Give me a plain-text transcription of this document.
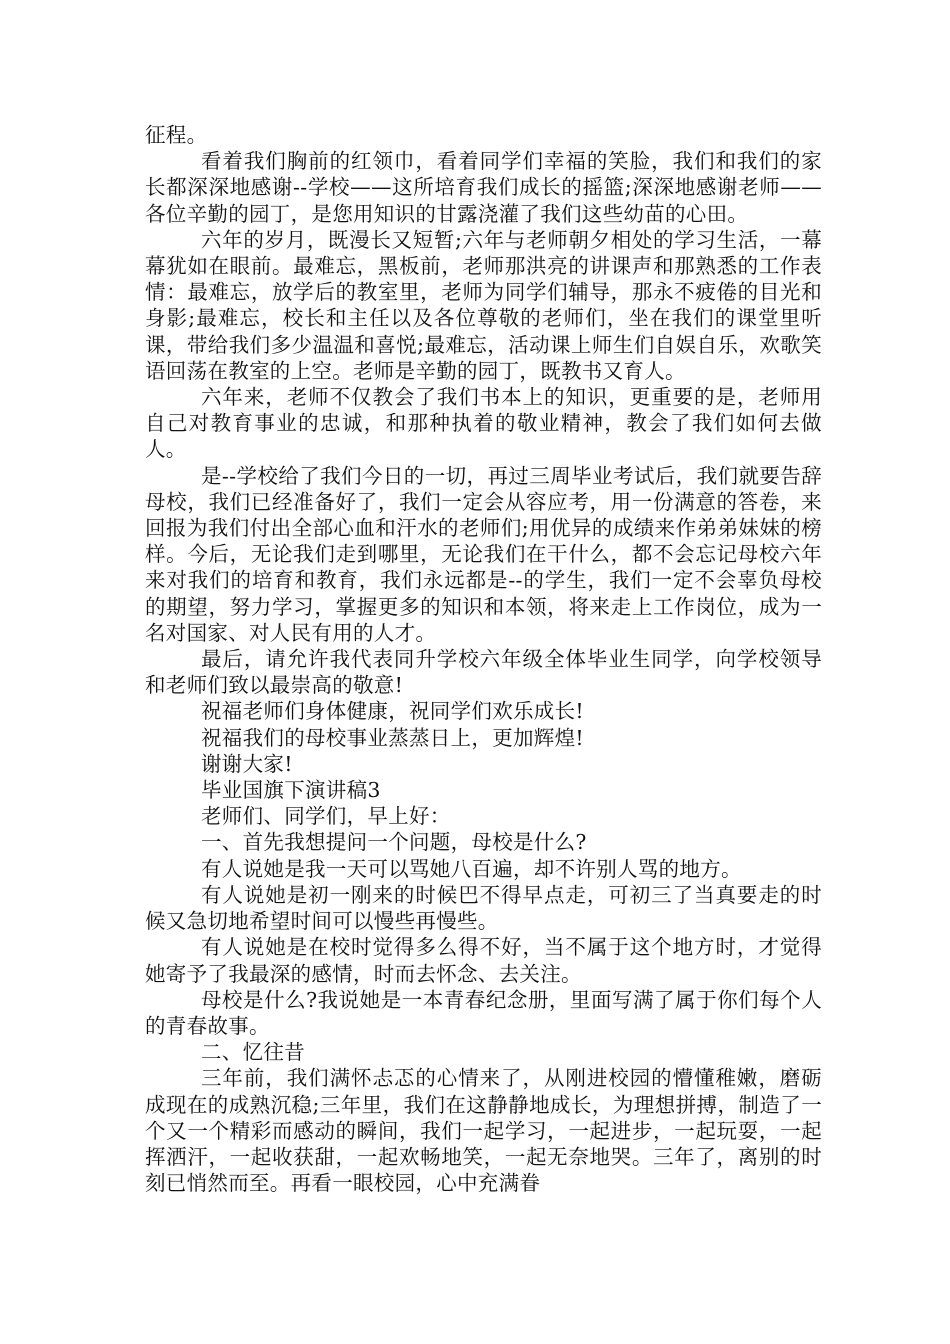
征程。

看着我们胸前的红领巾，看着同学们幸福的笑脸，我们和我们的家长都深深地感谢--学校——这所培育我们成长的摇篮;深深地感谢老师——各位辛勤的园丁，是您用知识的甘露浇灌了我们这些幼苗的心田。

六年的岁月，既漫长又短暂;六年与老师朝夕相处的学习生活，一幕幕犹如在眼前。最难忘，黑板前，老师那洪亮的讲课声和那熟悉的工作表情：最难忘，放学后的教室里，老师为同学们辅导，那永不疲倦的目光和身影;最难忘，校长和主任以及各位尊敬的老师们，坐在我们的课堂里听课，带给我们多少温温和喜悦;最难忘，活动课上师生们自娱自乐，欢歌笑语回荡在教室的上空。老师是辛勤的园丁，既教书又育人。

六年来，老师不仅教会了我们书本上的知识，更重要的是，老师用自己对教育事业的忠诚，和那种执着的敬业精神，教会了我们如何去做人。

是--学校给了我们今日的一切，再过三周毕业考试后，我们就要告辞母校，我们已经准备好了，我们一定会从容应考，用一份满意的答卷，来回报为我们付出全部心血和汗水的老师们;用优异的成绩来作弟弟妹妹的榜样。今后，无论我们走到哪里，无论我们在干什么，都不会忘记母校六年来对我们的培育和教育，我们永远都是--的学生，我们一定不会辜负母校的期望，努力学习，掌握更多的知识和本领，将来走上工作岗位，成为一名对国家、对人民有用的人才。

最后，请允许我代表同升学校六年级全体毕业生同学，向学校领导和老师们致以最崇高的敬意!

祝福老师们身体健康，祝同学们欢乐成长!

祝福我们的母校事业蒸蒸日上，更加辉煌!

谢谢大家!

毕业国旗下演讲稿3

老师们、同学们，早上好：

一、首先我想提问一个问题，母校是什么?

有人说她是我一天可以骂她八百遍，却不许别人骂的地方。

有人说她是初一刚来的时候巴不得早点走，可初三了当真要走的时候又急切地希望时间可以慢些再慢些。

有人说她是在校时觉得多么得不好，当不属于这个地方时，才觉得她寄予了我最深的感情，时而去怀念、去关注。

母校是什么?我说她是一本青春纪念册，里面写满了属于你们每个人的青春故事。

二、忆往昔

三年前，我们满怀忐忑的心情来了，从刚进校园的懵懂稚嫩，磨砺成现在的成熟沉稳;三年里，我们在这静静地成长，为理想拼搏，制造了一个又一个精彩而感动的瞬间，我们一起学习，一起进步，一起玩耍，一起挥洒汗，一起收获甜，一起欢畅地笑，一起无奈地哭。三年了，离别的时刻已悄然而至。再看一眼校园，心中充满眷
